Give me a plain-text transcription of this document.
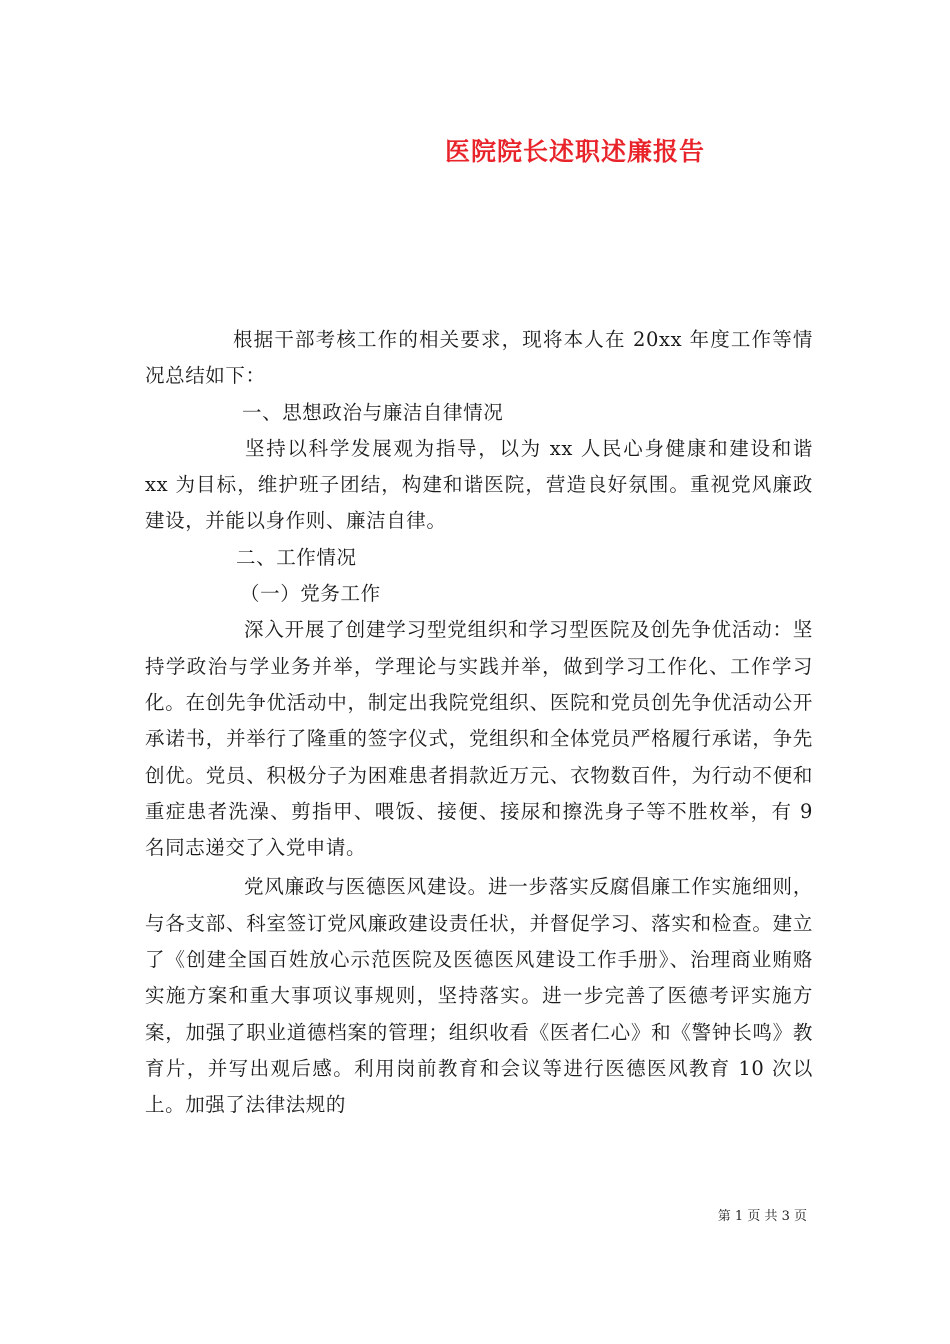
医院院长述职述廉报告

根据干部考核工作的相关要求，现将本人在 20xx 年度工作等情况总结如下：

一、思想政治与廉洁自律情况

坚持以科学发展观为指导，以为 xx 人民心身健康和建设和谐 xx 为目标，维护班子团结，构建和谐医院，营造良好氛围。重视党风廉政建设，并能以身作则、廉洁自律。

二、工作情况

（一）党务工作

深入开展了创建学习型党组织和学习型医院及创先争优活动：坚持学政治与学业务并举，学理论与实践并举，做到学习工作化、工作学习化。在创先争优活动中，制定出我院党组织、医院和党员创先争优活动公开承诺书，并举行了隆重的签字仪式，党组织和全体党员严格履行承诺，争先创优。党员、积极分子为困难患者捐款近万元、衣物数百件，为行动不便和重症患者洗澡、剪指甲、喂饭、接便、接尿和擦洗身子等不胜枚举，有 9 名同志递交了入党申请。

党风廉政与医德医风建设。进一步落实反腐倡廉工作实施细则，与各支部、科室签订党风廉政建设责任状，并督促学习、落实和检查。建立了《创建全国百姓放心示范医院及医德医风建设工作手册》、治理商业贿赂实施方案和重大事项议事规则，坚持落实。进一步完善了医德考评实施方案，加强了职业道德档案的管理；组织收看《医者仁心》和《警钟长鸣》教育片，并写出观后感。利用岗前教育和会议等进行医德医风教育 10 次以上。加强了法律法规的

第 1 页 共 3 页
